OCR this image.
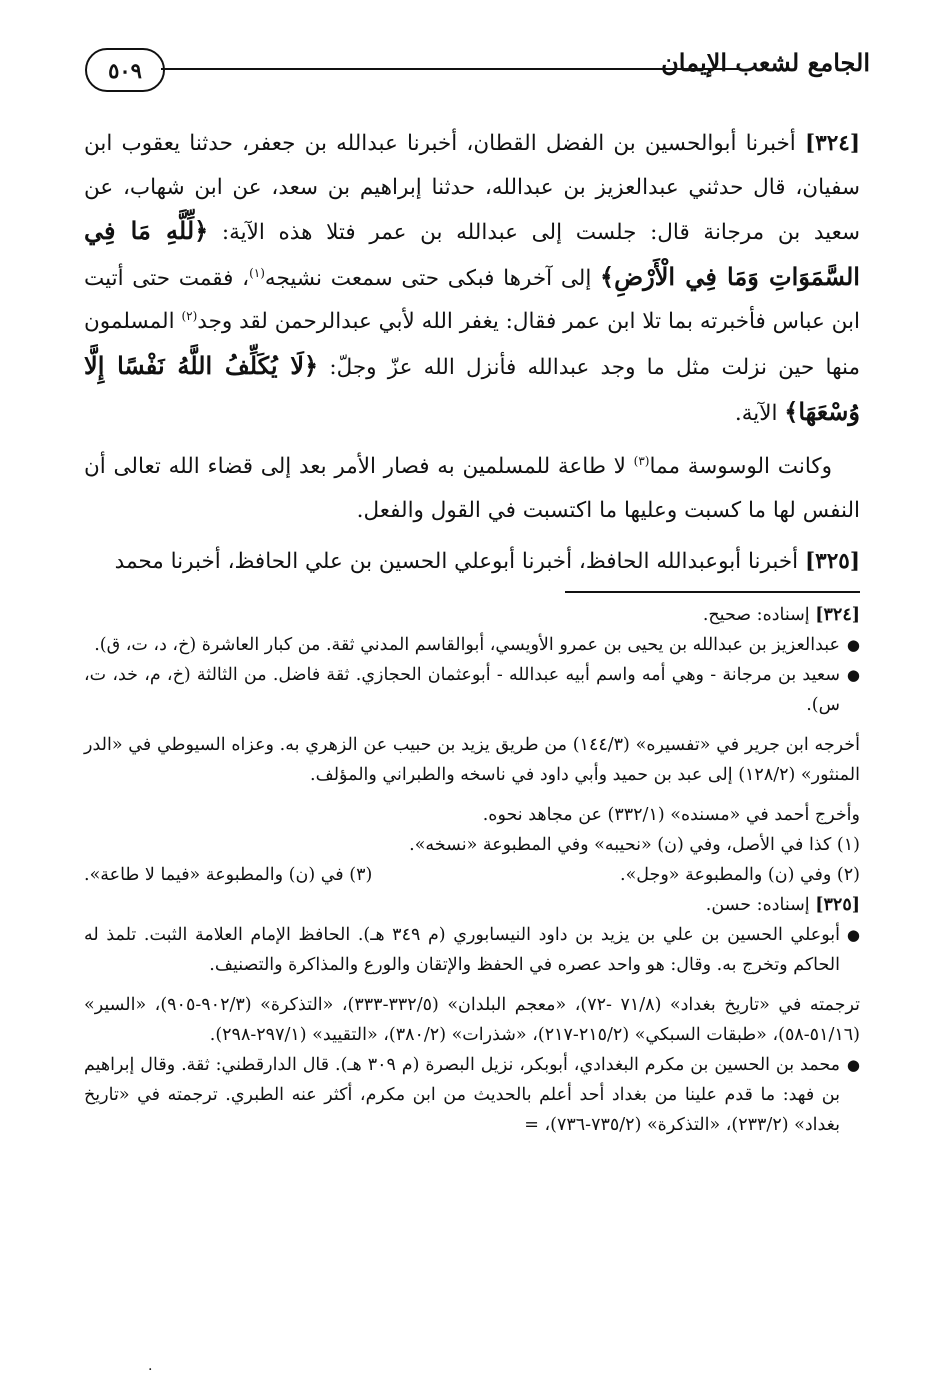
٥٠٩	الجامع لشعب الإيمان

[٣٢٤] أخبرنا أبوالحسين بن الفضل القطان، أخبرنا عبدالله بن جعفر، حدثنا يعقوب ابن سفيان، قال حدثني عبدالعزيز بن عبدالله، حدثنا إبراهيم بن سعد، عن ابن شهاب، عن سعيد بن مرجانة قال: جلست إلى عبدالله بن عمر فتلا هذه الآية: ﴿لِّلَّهِ مَا فِي السَّمَوَاتِ وَمَا فِي الْأَرْضِ﴾ إلى آخرها فبكى حتى سمعت نشيجه$^{(١)}$، فقمت حتى أتيت ابن عباس فأخبرته بما تلا ابن عمر فقال: يغفر الله لأبي عبدالرحمن لقد وجد$^{(٢)}$ المسلمون منها حين نزلت مثل ما وجد عبدالله فأنزل الله عزّ وجلّ: ﴿لَا يُكَلِّفُ اللَّهُ نَفْسًا إِلَّا وُسْعَهَا﴾ الآية.

وكانت الوسوسة مما$^{(٣)}$ لا طاعة للمسلمين به فصار الأمر بعد إلى قضاء الله تعالى أن النفس لها ما كسبت وعليها ما اكتسبت في القول والفعل.

[٣٢٥] أخبرنا أبوعبدالله الحافظ، أخبرنا أبوعلي الحسين بن علي الحافظ، أخبرنا محمد

[٣٢٤] إسناده: صحيح.

●
عبدالعزيز بن عبدالله بن يحيى بن عمرو الأويسي، أبوالقاسم المدني ثقة. من كبار العاشرة (خ، د، ت، ق).

●
سعيد بن مرجانة - وهي أمه واسم أبيه عبدالله - أبوعثمان الحجازي. ثقة فاضل. من الثالثة (خ، م، خد، ت، س).

أخرجه ابن جرير في «تفسيره» (١٤٤/٣) من طريق يزيد بن حبيب عن الزهري به. وعزاه السيوطي في «الدر المنثور» (١٢٨/٢) إلى عبد بن حميد وأبي داود في ناسخه والطبراني والمؤلف.

وأخرج أحمد في «مسنده» (٣٣٢/١) عن مجاهد نحوه.

(١) كذا في الأصل، وفي (ن) «نحيبه» وفي المطبوعة «نسخه».

(٢) وفي (ن) والمطبوعة «وجل».
(٣) في (ن) والمطبوعة «فيما لا طاعة».

[٣٢٥] إسناده: حسن.

●
أبوعلي الحسين بن علي بن يزيد بن داود النيسابوري (م ٣٤٩ هـ). الحافظ الإمام العلامة الثبت. تلمذ له الحاكم وتخرج به. وقال: هو واحد عصره في الحفظ والإتقان والورع والمذاكرة والتصنيف.

ترجمته في «تاريخ بغداد» (٧١/٨ -٧٢)، «معجم البلدان» (٣٣٢/٥-٣٣٣)، «التذكرة» (٩٠٢/٣-٩٠٥)، «السير» (٥١/١٦-٥٨)، «طبقات السبكي» (٢١٥/٢-٢١٧)، «شذرات» (٣٨٠/٢)، «التقييد» (٢٩٧/١-٢٩٨).

●
محمد بن الحسين بن مكرم البغدادي، أبوبكر، نزيل البصرة (م ٣٠٩ هـ). قال الدارقطني: ثقة. وقال إبراهيم بن فهد: ما قدم علينا من بغداد أحد أعلم بالحديث من ابن مكرم، أكثر عنه الطبري. ترجمته في «تاريخ بغداد» (٢٣٣/٢)، «التذكرة» (٧٣٥/٢-٧٣٦)، =

.
